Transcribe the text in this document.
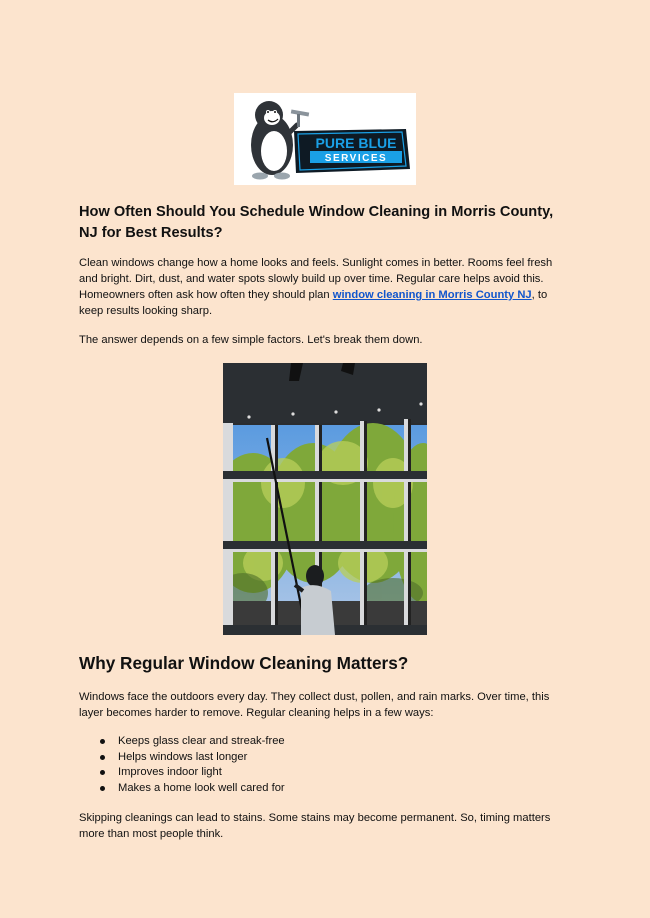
PURE BLUE
SERVICES
How Often Should You Schedule Window Cleaning in Morris County, NJ for Best Results?

Clean windows change how a home looks and feels. Sunlight comes in better. Rooms feel fresh and bright. Dirt, dust, and water spots slowly build up over time. Regular care helps avoid this. Homeowners often ask how often they should plan window cleaning in Morris County NJ, to keep results looking sharp.

The answer depends on a few simple factors. Let's break them down.

Why Regular Window Cleaning Matters?

Windows face the outdoors every day. They collect dust, pollen, and rain marks. Over time, this layer becomes harder to remove. Regular cleaning helps in a few ways:

Keeps glass clear and streak-free
Helps windows last longer
Improves indoor light
Makes a home look well cared for

Skipping cleanings can lead to stains. Some stains may become permanent. So, timing matters more than most people think.
